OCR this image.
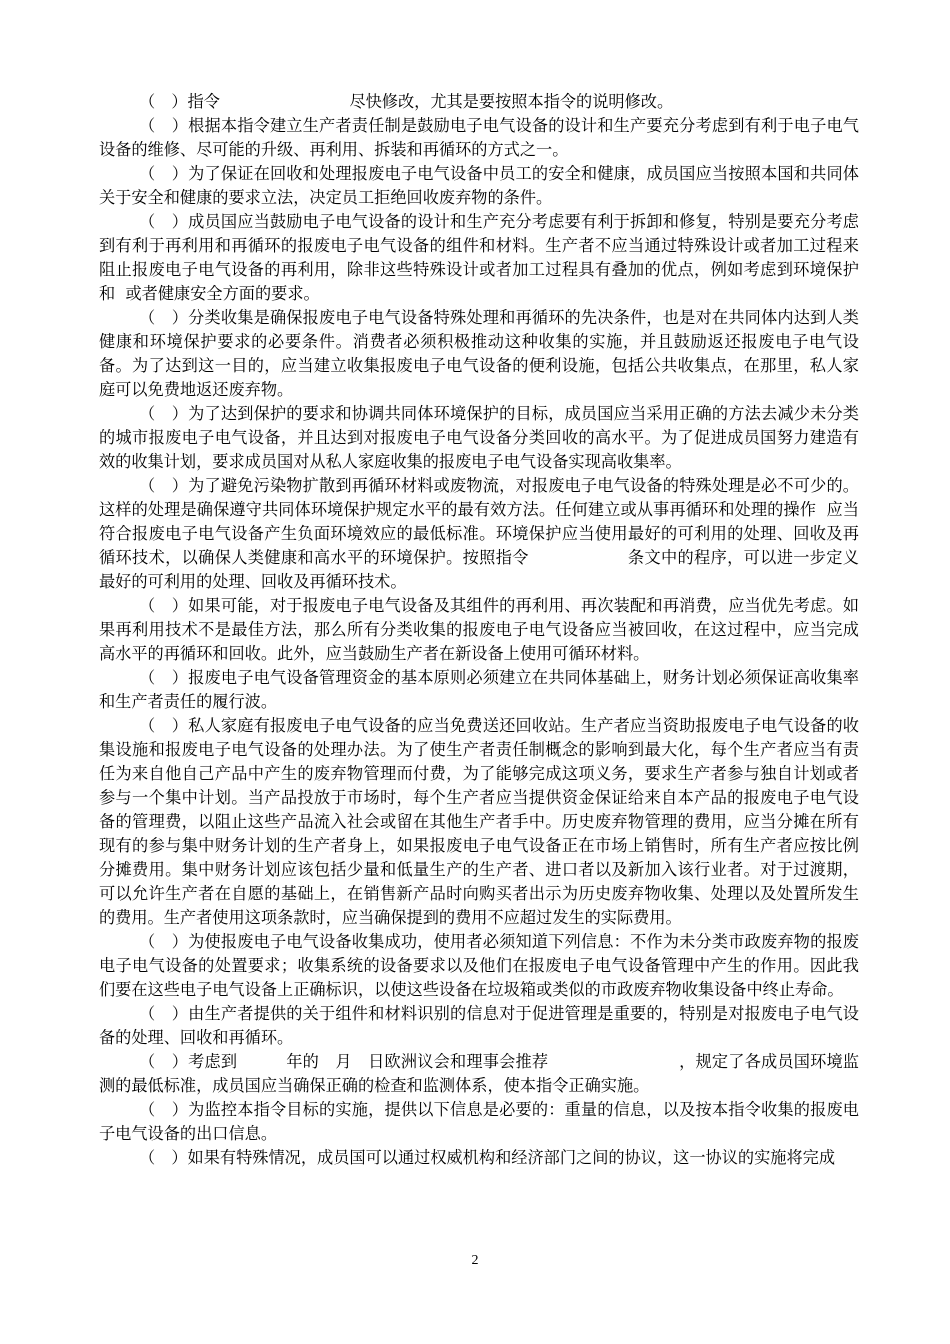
（　）指令　　　　　　　　尽快修改，尤其是要按照本指令的说明修改。

（　）根据本指令建立生产者责任制是鼓励电子电气设备的设计和生产要充分考虑到有利于电子电气设备的维修、尽可能的升级、再利用、拆装和再循环的方式之一。

（　）为了保证在回收和处理报废电子电气设备中员工的安全和健康，成员国应当按照本国和共同体关于安全和健康的要求立法，决定员工拒绝回收废弃物的条件。

（　）成员国应当鼓励电子电气设备的设计和生产充分考虑要有利于拆卸和修复，特别是要充分考虑到有利于再利用和再循环的报废电子电气设备的组件和材料。生产者不应当通过特殊设计或者加工过程来阻止报废电子电气设备的再利用，除非这些特殊设计或者加工过程具有叠加的优点，例如考虑到环境保护和  或者健康安全方面的要求。

（　）分类收集是确保报废电子电气设备特殊处理和再循环的先决条件，也是对在共同体内达到人类健康和环境保护要求的必要条件。消费者必须积极推动这种收集的实施，并且鼓励返还报废电子电气设备。为了达到这一目的，应当建立收集报废电子电气设备的便利设施，包括公共收集点，在那里，私人家庭可以免费地返还废弃物。

（　）为了达到保护的要求和协调共同体环境保护的目标，成员国应当采用正确的方法去减少未分类的城市报废电子电气设备，并且达到对报废电子电气设备分类回收的高水平。为了促进成员国努力建造有效的收集计划，要求成员国对从私人家庭收集的报废电子电气设备实现高收集率。

（　）为了避免污染物扩散到再循环材料或废物流，对报废电子电气设备的特殊处理是必不可少的。这样的处理是确保遵守共同体环境保护规定水平的最有效方法。任何建立或从事再循环和处理的操作  应当符合报废电子电气设备产生负面环境效应的最低标准。环境保护应当使用最好的可利用的处理、回收及再循环技术，以确保人类健康和高水平的环境保护。按照指令　　　　　　条文中的程序，可以进一步定义最好的可利用的处理、回收及再循环技术。

（　）如果可能，对于报废电子电气设备及其组件的再利用、再次装配和再消费，应当优先考虑。如果再利用技术不是最佳方法，那么所有分类收集的报废电子电气设备应当被回收，在这过程中，应当完成高水平的再循环和回收。此外，应当鼓励生产者在新设备上使用可循环材料。

（　）报废电子电气设备管理资金的基本原则必须建立在共同体基础上，财务计划必须保证高收集率和生产者责任的履行波。

（　）私人家庭有报废电子电气设备的应当免费送还回收站。生产者应当资助报废电子电气设备的收集设施和报废电子电气设备的处理办法。为了使生产者责任制概念的影响到最大化，每个生产者应当有责任为来自他自己产品中产生的废弃物管理而付费，为了能够完成这项义务，要求生产者参与独自计划或者参与一个集中计划。当产品投放于市场时，每个生产者应当提供资金保证给来自本产品的报废电子电气设备的管理费，以阻止这些产品流入社会或留在其他生产者手中。历史废弃物管理的费用，应当分摊在所有现有的参与集中财务计划的生产者身上，如果报废电子电气设备正在市场上销售时，所有生产者应按比例分摊费用。集中财务计划应该包括少量和低量生产的生产者、进口者以及新加入该行业者。对于过渡期，可以允许生产者在自愿的基础上，在销售新产品时向购买者出示为历史废弃物收集、处理以及处置所发生的费用。生产者使用这项条款时，应当确保提到的费用不应超过发生的实际费用。

（　）为使报废电子电气设备收集成功，使用者必须知道下列信息：不作为未分类市政废弃物的报废电子电气设备的处置要求；收集系统的设备要求以及他们在报废电子电气设备管理中产生的作用。因此我们要在这些电子电气设备上正确标识，以使这些设备在垃圾箱或类似的市政废弃物收集设备中终止寿命。

（　）由生产者提供的关于组件和材料识别的信息对于促进管理是重要的，特别是对报废电子电气设备的处理、回收和再循环。

（　）考虑到　　　年的　月　日欧洲议会和理事会推荐　　　　　　　　，规定了各成员国环境监测的最低标准，成员国应当确保正确的检查和监测体系，使本指令正确实施。

（　）为监控本指令目标的实施，提供以下信息是必要的：重量的信息，以及按本指令收集的报废电子电气设备的出口信息。

（　）如果有特殊情况，成员国可以通过权威机构和经济部门之间的协议，这一协议的实施将完成

2
